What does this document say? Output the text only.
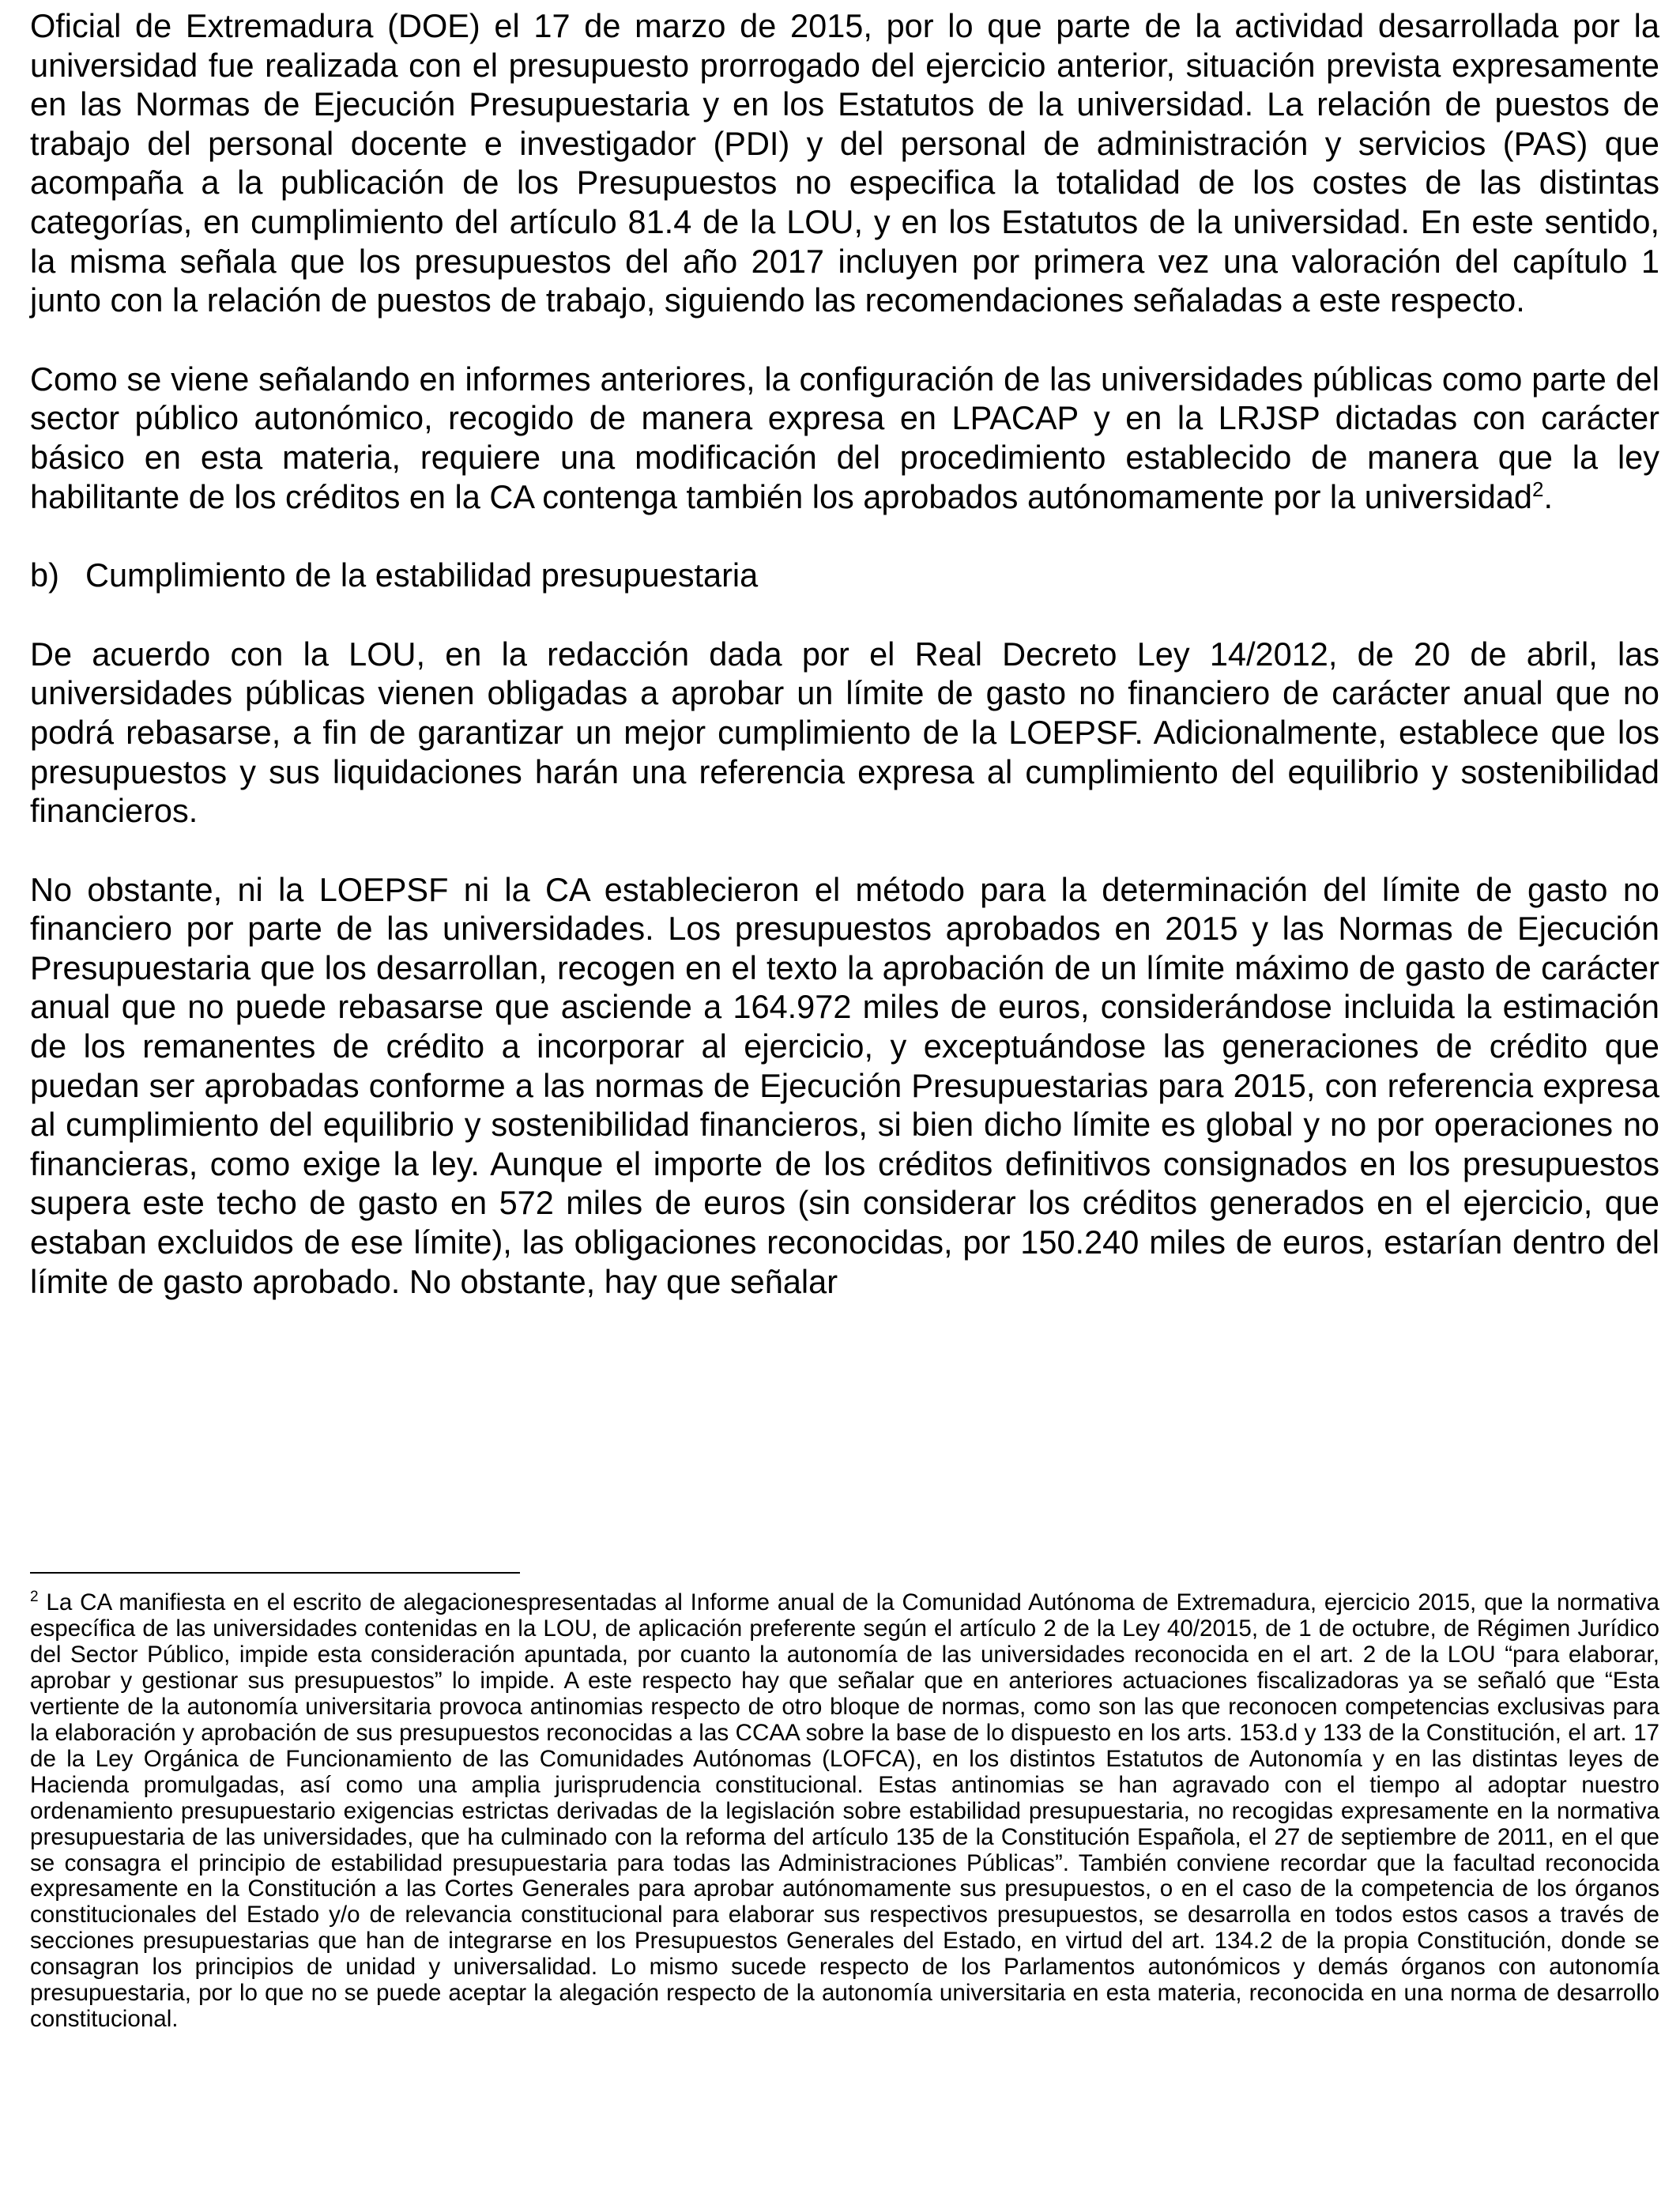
Oficial de Extremadura (DOE) el 17 de marzo de 2015, por lo que parte de la actividad desarrollada por la universidad fue realizada con el presupuesto prorrogado del ejercicio anterior, situación prevista expresamente en las Normas de Ejecución Presupuestaria y en los Estatutos de la universidad. La relación de puestos de trabajo del personal docente e investigador (PDI) y del personal de administración y servicios (PAS) que acompaña a la publicación de los Presupuestos no especifica la totalidad de los costes de las distintas categorías, en cumplimiento del artículo 81.4 de la LOU, y en los Estatutos de la universidad. En este sentido, la misma señala que los presupuestos del año 2017 incluyen por primera vez una valoración del capítulo 1 junto con la relación de puestos de trabajo, siguiendo las recomendaciones señaladas a este respecto.

Como se viene señalando en informes anteriores, la configuración de las universidades públicas como parte del sector público autonómico, recogido de manera expresa en LPACAP y en la LRJSP dictadas con carácter básico en esta materia, requiere una modificación del procedimiento establecido de manera que la ley habilitante de los créditos en la CA contenga también los aprobados autónomamente por la universidad$^2$.

b) Cumplimiento de la estabilidad presupuestaria

De acuerdo con la LOU, en la redacción dada por el Real Decreto Ley 14/2012, de 20 de abril, las universidades públicas vienen obligadas a aprobar un límite de gasto no financiero de carácter anual que no podrá rebasarse, a fin de garantizar un mejor cumplimiento de la LOEPSF. Adicionalmente, establece que los presupuestos y sus liquidaciones harán una referencia expresa al cumplimiento del equilibrio y sostenibilidad financieros.

No obstante, ni la LOEPSF ni la CA establecieron el método para la determinación del límite de gasto no financiero por parte de las universidades. Los presupuestos aprobados en 2015 y las Normas de Ejecución Presupuestaria que los desarrollan, recogen en el texto la aprobación de un límite máximo de gasto de carácter anual que no puede rebasarse que asciende a 164.972 miles de euros, considerándose incluida la estimación de los remanentes de crédito a incorporar al ejercicio, y exceptuándose las generaciones de crédito que puedan ser aprobadas conforme a las normas de Ejecución Presupuestarias para 2015, con referencia expresa al cumplimiento del equilibrio y sostenibilidad financieros, si bien dicho límite es global y no por operaciones no financieras, como exige la ley. Aunque el importe de los créditos definitivos consignados en los presupuestos supera este techo de gasto en 572 miles de euros (sin considerar los créditos generados en el ejercicio, que estaban excluidos de ese límite), las obligaciones reconocidas, por 150.240 miles de euros, estarían dentro del límite de gasto aprobado. No obstante, hay que señalar

$^2$ La CA manifiesta en el escrito de alegacionespresentadas al Informe anual de la Comunidad Autónoma de Extremadura, ejercicio 2015, que la normativa específica de las universidades contenidas en la LOU, de aplicación preferente según el artículo 2 de la Ley 40/2015, de 1 de octubre, de Régimen Jurídico del Sector Público, impide esta consideración apuntada, por cuanto la autonomía de las universidades reconocida en el art. 2 de la LOU “para elaborar, aprobar y gestionar sus presupuestos” lo impide. A este respecto hay que señalar que en anteriores actuaciones fiscalizadoras ya se señaló que “Esta vertiente de la autonomía universitaria provoca antinomias respecto de otro bloque de normas, como son las que reconocen competencias exclusivas para la elaboración y aprobación de sus presupuestos reconocidas a las CCAA sobre la base de lo dispuesto en los arts. 153.d y 133 de la Constitución, el art. 17 de la Ley Orgánica de Funcionamiento de las Comunidades Autónomas (LOFCA), en los distintos Estatutos de Autonomía y en las distintas leyes de Hacienda promulgadas, así como una amplia jurisprudencia constitucional. Estas antinomias se han agravado con el tiempo al adoptar nuestro ordenamiento presupuestario exigencias estrictas derivadas de la legislación sobre estabilidad presupuestaria, no recogidas expresamente en la normativa presupuestaria de las universidades, que ha culminado con la reforma del artículo 135 de la Constitución Española, el 27 de septiembre de 2011, en el que se consagra el principio de estabilidad presupuestaria para todas las Administraciones Públicas”. También conviene recordar que la facultad reconocida expresamente en la Constitución a las Cortes Generales para aprobar autónomamente sus presupuestos, o en el caso de la competencia de los órganos constitucionales del Estado y/o de relevancia constitucional para elaborar sus respectivos presupuestos, se desarrolla en todos estos casos a través de secciones presupuestarias que han de integrarse en los Presupuestos Generales del Estado, en virtud del art. 134.2 de la propia Constitución, donde se consagran los principios de unidad y universalidad. Lo mismo sucede respecto de los Parlamentos autonómicos y demás órganos con autonomía presupuestaria, por lo que no se puede aceptar la alegación respecto de la autonomía universitaria en esta materia, reconocida en una norma de desarrollo constitucional.
